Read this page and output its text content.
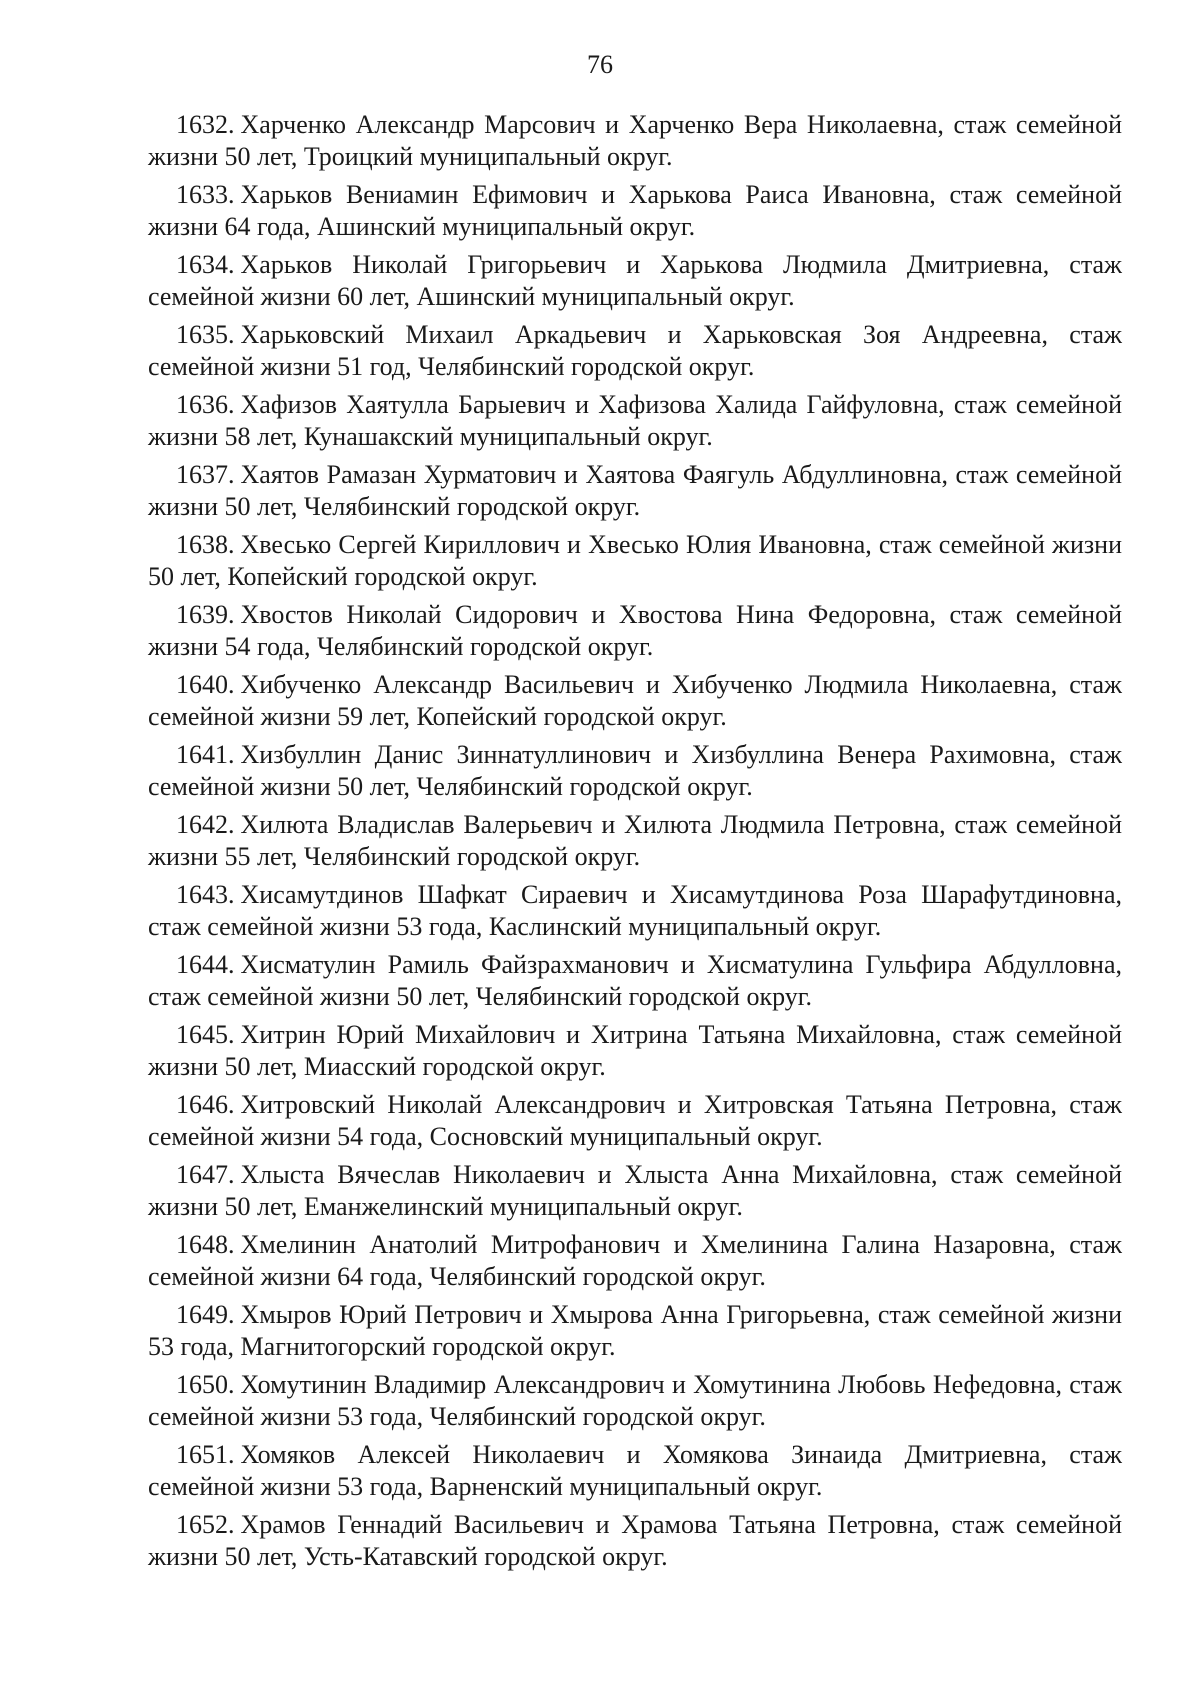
76

1632. Харченко Александр Марсович и Харченко Вера Николаевна, стаж семейной жизни 50 лет, Троицкий муниципальный округ.

1633. Харьков Вениамин Ефимович и Харькова Раиса Ивановна, стаж семейной жизни 64 года, Ашинский муниципальный округ.

1634. Харьков Николай Григорьевич и Харькова Людмила Дмитриевна, стаж семейной жизни 60 лет, Ашинский муниципальный округ.

1635. Харьковский Михаил Аркадьевич и Харьковская Зоя Андреевна, стаж семейной жизни 51 год, Челябинский городской округ.

1636. Хафизов Хаятулла Барыевич и Хафизова Халида Гайфуловна, стаж семейной жизни 58 лет, Кунашакский муниципальный округ.

1637. Хаятов Рамазан Хурматович и Хаятова Фаягуль Абдуллиновна, стаж семейной жизни 50 лет, Челябинский городской округ.

1638. Хвесько Сергей Кириллович и Хвесько Юлия Ивановна, стаж семейной жизни 50 лет, Копейский городской округ.

1639. Хвостов Николай Сидорович и Хвостова Нина Федоровна, стаж семейной жизни 54 года, Челябинский городской округ.

1640. Хибученко Александр Васильевич и Хибученко Людмила Николаевна, стаж семейной жизни 59 лет, Копейский городской округ.

1641. Хизбуллин Данис Зиннатуллинович и Хизбуллина Венера Рахимовна, стаж семейной жизни 50 лет, Челябинский городской округ.

1642. Хилюта Владислав Валерьевич и Хилюта Людмила Петровна, стаж семейной жизни 55 лет, Челябинский городской округ.

1643. Хисамутдинов Шафкат Сираевич и Хисамутдинова Роза Шарафутдиновна, стаж семейной жизни 53 года, Каслинский муниципальный округ.

1644. Хисматулин Рамиль Файзрахманович и Хисматулина Гульфира Абдулловна, стаж семейной жизни 50 лет, Челябинский городской округ.

1645. Хитрин Юрий Михайлович и Хитрина Татьяна Михайловна, стаж семейной жизни 50 лет, Миасский городской округ.

1646. Хитровский Николай Александрович и Хитровская Татьяна Петровна, стаж семейной жизни 54 года, Сосновский муниципальный округ.

1647. Хлыста Вячеслав Николаевич и Хлыста Анна Михайловна, стаж семейной жизни 50 лет, Еманжелинский муниципальный округ.

1648. Хмелинин Анатолий Митрофанович и Хмелинина Галина Назаровна, стаж семейной жизни 64 года, Челябинский городской округ.

1649. Хмыров Юрий Петрович и Хмырова Анна Григорьевна, стаж семейной жизни 53 года, Магнитогорский городской округ.

1650. Хомутинин Владимир Александрович и Хомутинина Любовь Нефедовна, стаж семейной жизни 53 года, Челябинский городской округ.

1651. Хомяков Алексей Николаевич и Хомякова Зинаида Дмитриевна, стаж семейной жизни 53 года, Варненский муниципальный округ.

1652. Храмов Геннадий Васильевич и Храмова Татьяна Петровна, стаж семейной жизни 50 лет, Усть-Катавский городской округ.
